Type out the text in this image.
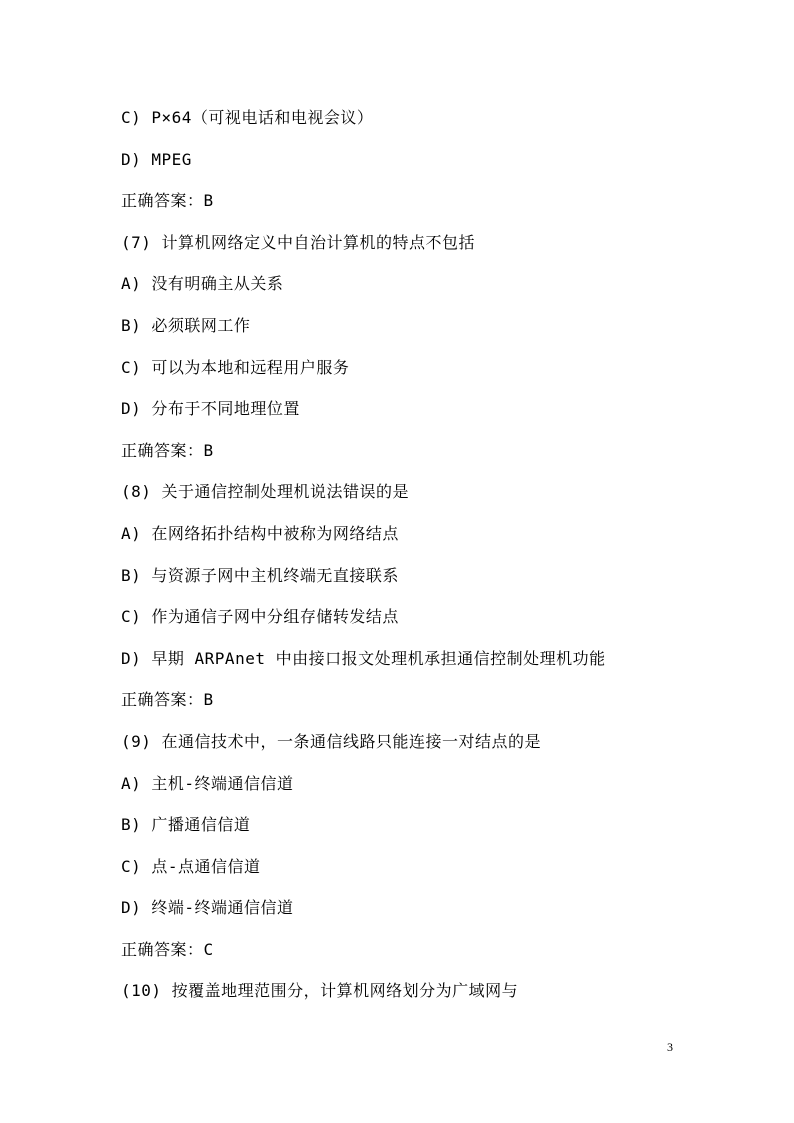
C) P×64（可视电话和电视会议）
D) MPEG
正确答案：B
(7) 计算机网络定义中自治计算机的特点不包括
A) 没有明确主从关系
B) 必须联网工作
C) 可以为本地和远程用户服务
D) 分布于不同地理位置
正确答案：B
(8) 关于通信控制处理机说法错误的是
A) 在网络拓扑结构中被称为网络结点
B) 与资源子网中主机终端无直接联系
C) 作为通信子网中分组存储转发结点
D) 早期 ARPAnet 中由接口报文处理机承担通信控制处理机功能
正确答案：B
(9) 在通信技术中，一条通信线路只能连接一对结点的是
A) 主机-终端通信信道
B) 广播通信信道
C) 点-点通信信道
D) 终端-终端通信信道
正确答案：C
(10) 按覆盖地理范围分，计算机网络划分为广域网与
3
